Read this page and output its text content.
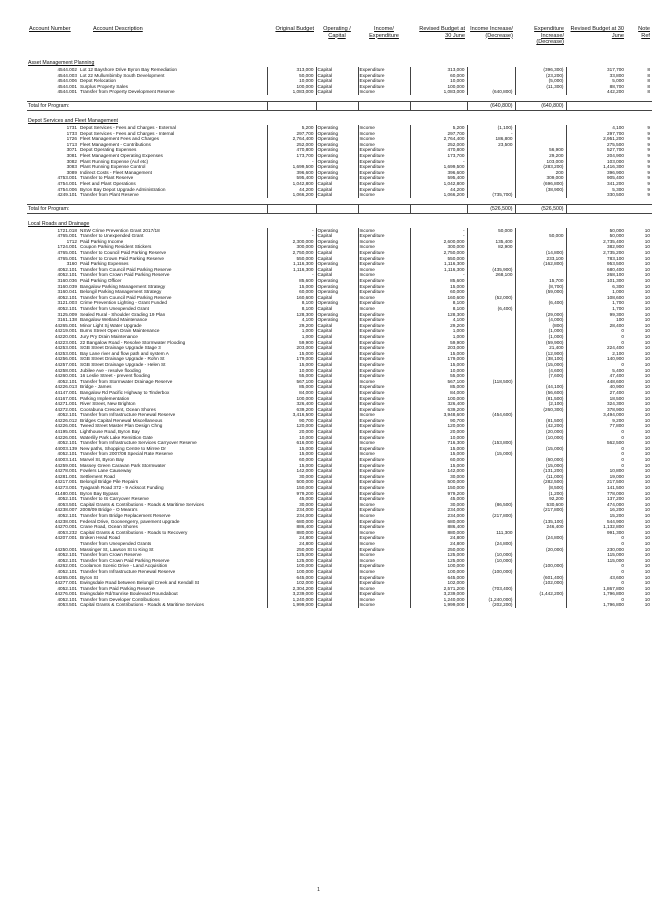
Account Number	Account Description	Original Budget	Operating / Capital	Income/ Expenditure	Revised Budget at 30 June	Income Increase/ (Decrease)	Expenditure Increase/ (Decrease)	Revised Budget at 30 June	Note Ref

Asset Management Planning									
4544.002	Lot 12 Bayshore Drive Byron Bay Remediation	313,000	Capital	Expenditure	313,000		(396,300)	317,700	8
4544.003	Lot 22 Mullumbimby South Development	50,000	Capital	Expenditure	60,000		(23,200)	33,800	8
4544.006	Depot Relocation	10,000	Capital	Expenditure	10,000		(5,000)	5,000	8
4544.001	Surplus Property Sales	100,000	Capital	Expenditure	100,000		(11,300)	88,700	8
4544.001	Transfer from Property Development Reserve	1,083,000	Capital	Income	1,083,000	(640,800)		442,200	8

Total for Program:						(640,800)	(640,800)		

Depot Services and Fleet Management									
1731	Depot Services - Fees and Charges - External	5,200	Operating	Income	5,200	(1,100)		4,100	9
1733	Depot Services - Fees and Charges - Internal	297,700	Operating	Income	297,700	-		297,700	9
1726	Fleet Management Fees and Charges	2,764,400	Operating	Income	2,764,400	186,800		2,951,200	9
1713	Fleet Management - Contributions	252,000	Operating	Income	252,000	23,500		275,500	9
3071	Depot Operating Expenses	470,800	Operating	Expenditure	470,800		56,900	527,700	9
3081	Fleet Management Operating Expenses	173,700	Operating	Expenditure	173,700		29,200	204,900	9
3082	Plant Running Expense (Auf etc)	-	Operating	Expenditure	-		103,000	103,000	9
3083	Plant Running Expense Control	1,699,500	Operating	Expenditure	1,699,500		(283,200)	1,416,300	9
3089	Indirect Costs - Fleet Management	396,600	Operating	Expenditure	396,600		200	396,900	9
4753.001	Transfer to Plant Reserve	595,400	Operating	Expenditure	595,400		309,000	905,400	9
4754.001	Fleet and Plant Operations	1,042,800	Capital	Expenditure	1,042,800		(696,800)	341,200	9
4754.006	Byron Bay Depot Upgrade Administration	44,200	Capital	Expenditure	44,200		(38,900)	5,300	9
4249.101	Transfer from Plant Reserve	1,066,200	Capital	Income	1,066,200	(735,700)		330,500	9

Total for Program:						(526,500)	(526,500)		

Local Roads and Drainage									
1721.018	NSW Crime Prevention Grant 2017/18	-	Operating	Income	-	50,000		50,000	10
4765.001	Transfer to Unexpended Grant	-	Capital	Expenditure	-		50,000	50,000	10
1712	Paid Parking Income	2,300,000	Operating	Income	2,600,000	135,400		2,735,400	10
1724.001	Coupon Parking Resident Stickers	300,000	Operating	Income	300,000	82,900		382,900	10
4765.001	Transfer to Council Paid Parking Reserve	2,750,000	Capital	Expenditure	2,750,000		(14,800)	2,735,200	10
4765.001	Transfer to Crown Paid Parking Reserve	550,000	Capital	Expenditure	550,000		233,100	783,100	10
3160	Paid Parking Expenses	1,116,300	Operating	Expenditure	1,116,300		(162,800)	953,500	10
4052.101	Transfer from Council Paid Parking Reserve	1,116,300	Capital	Income	1,116,300	(435,900)		680,400	10
4052.101	Transfer from Crown Paid Parking Reserve	-	Capital	Income	-	268,100		268,100	10
3160.036	Paid Parking Officer	85,600	Operating	Expenditure	85,600		15,700	101,300	10
3160.039	Bangalow Parking Management Strategy	15,000	Operating	Expenditure	15,000		(8,700)	6,300	10
3160.041	Belongil Parking Management Strategy	60,000	Operating	Expenditure	60,000		(59,000)	1,000	10
4052.101	Transfer from Council Paid Parking Reserve	160,600	Capital	Income	160,600	(52,000)		108,600	10
3121.003	Crime Prevention Lighting - Grant Funded	8,100	Operating	Expenditure	8,100		(6,400)	1,700	10
4052.101	Transfer from Unexpended Grant	8,100	Capital	Income	8,100	(6,400)		1,700	10
3125.009	Sealed Rural - Shoulder Grading 19 Plan	128,300	Operating	Expenditure	128,300		(29,000)	99,300	10
3161.138	Bangalow Wetland Maintenance	4,100	Operating	Expenditure	4,100		(4,000)	100	10
44265.001	Minor Light Sj Water Upgrade	29,200	Capital	Expenditure	29,200		(800)	28,400	10
44219.001	Burns Street Open Drain Maintenance	1,000	Capital	Expenditure	1,000		(1,000)	0	10
44220.001	Jury Pry Drain Maintenance	1,000	Capital	Expenditure	1,000		(1,000)	0	10
44223.001	22 Bangalow Road - Resolve Stormwater Flooding	59,900	Capital	Expenditure	59,900		(59,900)	0	10
44253.001	SGB Street Drainage Upgrade Stage 3	203,000	Capital	Expenditure	203,000		21,400	224,400	10
44253.001	Bay Lane river and flow path and system A	15,000	Capital	Expenditure	15,000		(12,900)	2,100	10
44256.001	SGB Street Drainage Upgrade - Rohn St	179,000	Capital	Expenditure	179,000		(38,100)	140,900	10
44257.001	SGB Street Drainage Upgrade - Helen St	15,000	Capital	Expenditure	15,000		(15,000)	0	10
44258.001	Jubilee Ave - resolve flooding	10,000	Capital	Expenditure	10,000		(4,600)	5,400	10
44260.001	16 Leslie Street - prevent flooding	55,000	Capital	Expenditure	55,000		(7,600)	47,400	10
4052.101	Transfer from Stormwater Drainage Reserve	567,100	Capital	Income	567,100	(118,500)		448,600	10
44226.013	Bridge - James	85,000	Capital	Expenditure	85,000		(44,100)	40,900	10
44147.001	Bangalow Rd Pacific Highway to Tinderbox	84,000	Capital	Expenditure	84,000		(56,600)	27,400	10
44167.001	Parking Implementation	100,000	Capital	Expenditure	100,000		(81,500)	18,500	10
44271.001	River Street, New Brighton	326,400	Capital	Expenditure	326,400		(2,100)	324,300	10
44272.001	Coorabuna Crescent, Ocean Shores	639,200	Capital	Expenditure	639,200		(260,300)	378,900	10
4052.101	Transfer from Infrastructure Renewal Reserve	3,416,500	Capital	Income	3,948,600	(454,600)		3,494,000	10
44226.012	Bridges Capital Renewal Miscellaneous	90,700	Capital	Expenditure	90,700		(81,500)	9,200	10
44226.001	Tweed Street Master Plan Design Chng	120,000	Capital	Expenditure	120,000		(42,200)	77,800	10
44195.001	Lighthouse Road, Byron Bay	20,000	Capital	Expenditure	20,000		(20,000)	0	10
44226.001	Waterlily Park Lake Remittion Gate	10,000	Capital	Expenditure	10,000		(10,000)	0	10
4052.101	Transfer from Infrastructure Services Carryover Reserve	616,000	Capital	Income	716,300	(153,800)		562,500	10
44003.139	New paths, Shopping Centre to Mirree Dr	15,000	Capital	Expenditure	15,000		(15,000)	0	10
4052.101	Transfer from 2007/08 Special Rate Reserve	15,000	Capital	Income	15,000	(15,000)		0	10
44003.141	Marvel St, Byron Bay	60,000	Capital	Expenditure	60,000		(60,000)	0	10
44259.001	Massey Green Caravan Park Stormwater	15,000	Capital	Expenditure	15,000		(15,000)	0	10
44278.001	Fowlers Lane Causeway	142,000	Capital	Expenditure	142,000		(131,200)	10,800	10
44281.001	Settlement Road	30,000	Capital	Expenditure	30,000		(11,000)	19,000	10
44217.001	Belongil Bridge Pile Repairs	500,000	Capital	Expenditure	500,000		(282,500)	217,500	10
44273.001	Tyagarah Road 372 - 9 Ackscot Funding	150,000	Capital	Expenditure	150,000		(8,500)	141,500	10
41480.001	Byron Bay Bypass	979,200	Capital	Expenditure	979,200		(1,200)	778,000	10
4052.101	Transfer to IS Carryover Reserve	45,000	Capital	Expenditure	45,000		92,200	137,200	10
4053.501	Capital Grants & Contributions - Roads & Maritime Services	30,000	Capital	Income	30,000	(86,500)	530,600	474,000	10
44238.007	2008/09 Bridge - O Meara's	234,000	Capital	Expenditure	234,000		(217,800)	16,200	10
4052.101	Transfer from Bridge Replacement Reserve	234,000	Capital	Income	234,000	(217,800)		15,200	10
44238.001	Federal Drive, Goonengerry, pavement upgrade	680,000	Capital	Expenditure	680,000		(135,100)	544,900	10
44270.001	Crane Road, Ocean Shores	886,400	Capital	Expenditure	886,400		246,400	1,132,800	10
4053.232	Capital Grants & Contributions - Roads to Recovery	880,000	Capital	Income	880,000	111,300		991,300	10
44207.001	Broken Head Road	24,800	Capital	Expenditure	24,800		(24,800)	0	10
	Transfer from Unexpended Grants	24,800	Capital	Income	24,800	(24,800)		0	10
44250.001	Massinger St, Lawson St to King St	250,000	Capital	Expenditure	250,000		(20,000)	230,000	10
4052.101	Transfer from Crown Reserve	125,000	Capital	Income	125,000	(10,000)		115,000	10
4052.101	Transfer from Crown Paid Parking Reserve	125,000	Capital	Income	125,000	(10,000)		115,000	10
44262.001	Coolamon Scenic Drive - Land Acquisition	100,000	Capital	Expenditure	100,000		(100,000)	0	10
4052.101	Transfer from Infrastructure Renewal Reserve	100,000	Capital	Income	100,000	(100,000)		0	10
44265.001	Byron St	645,000	Capital	Expenditure	645,000		(601,400)	43,600	10
44277.001	Ewingsdale Road between Belongil Creek and Kendall St	102,000	Capital	Expenditure	102,000		(102,000)	0	10
4052.101	Transfer from Paid Parking Reserve	2,304,200	Capital	Income	2,571,200	(703,400)		1,867,800	10
44276.001	Ewingsdale Rd/Sunrise Boulevard Roundabout	3,239,000	Capital	Expenditure	3,239,000		(1,442,200)	1,796,800	10
4052.101	Transfer from Developer Contributions	1,240,000	Capital	Income	1,240,000	(1,240,000)		0	10
4053.501	Capital Grants & Contributions - Roads & Maritime Services	1,999,000	Capital	Income	1,999,000	(202,200)		1,796,800	10
1
